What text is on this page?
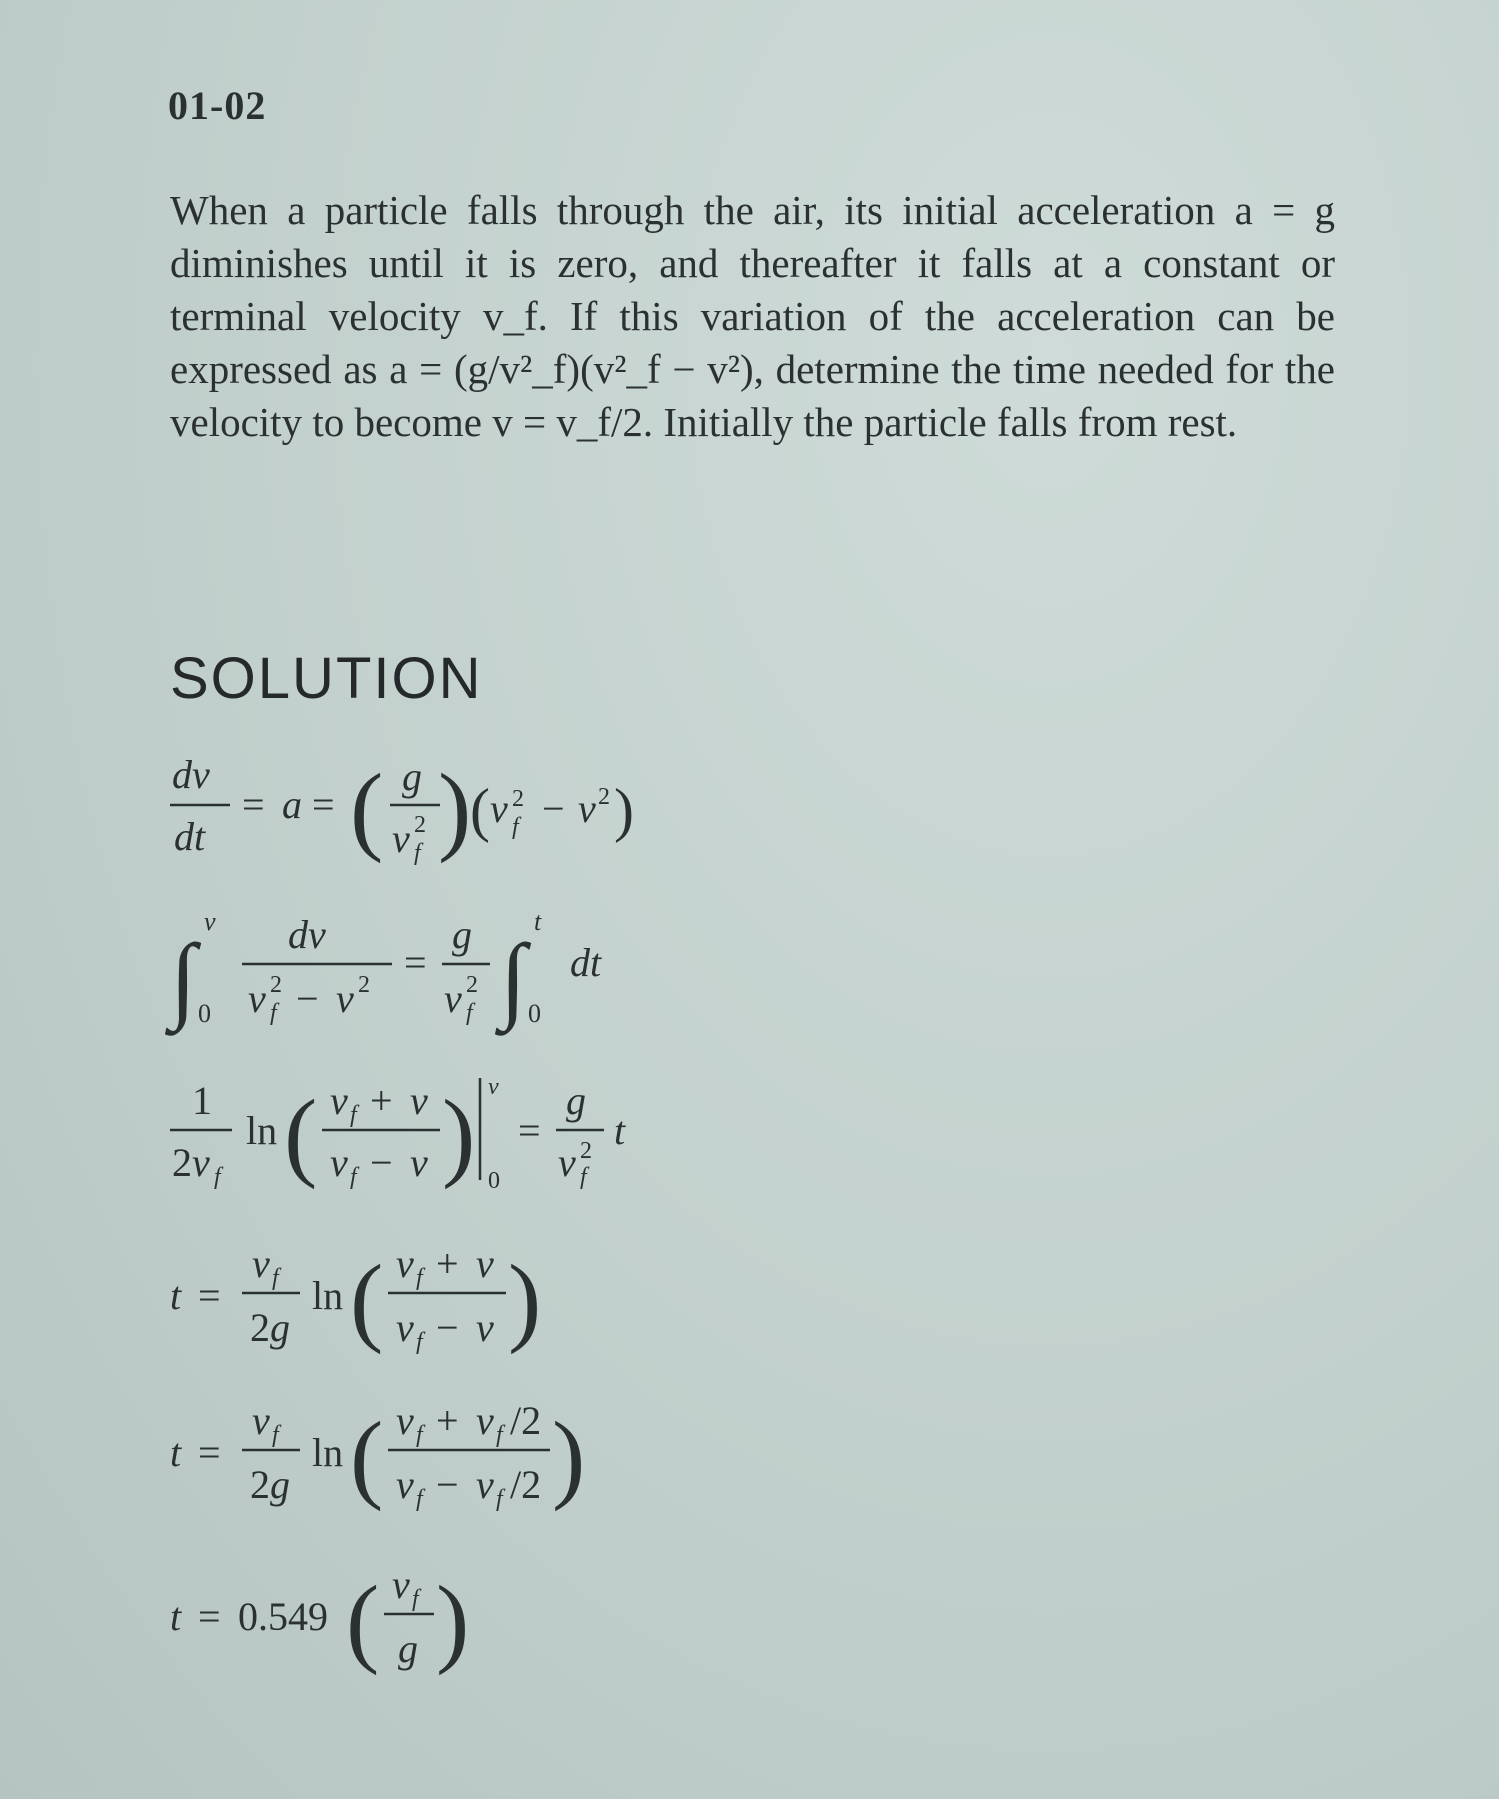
01-02

When a particle falls through the air, its initial acceleration a = g diminishes until it is zero, and thereafter it falls at a constant or terminal velocity v_f. If this variation of the acceleration can be expressed as a = (g/v²_f)(v²_f − v²), determine the time needed for the velocity to become v = v_f/2. Initially the particle falls from rest.

SOLUTION
dv
dt
= a = ( g
v 2
f )
( v 2
f − v 2 )
∫
v
0
dv
v 2
f − v 2 =
g
v 2
f ∫
t
0
dt
1
2v f
ln ( v f + v
v f − v ) v
0
=
g
v 2
f
t
t =
v f
2g
ln ( v f + v
v f − v )
t =
v f
2g
ln ( v f + v f /2
v f − v f /2 )
t = 0.549 ( v f
g )
